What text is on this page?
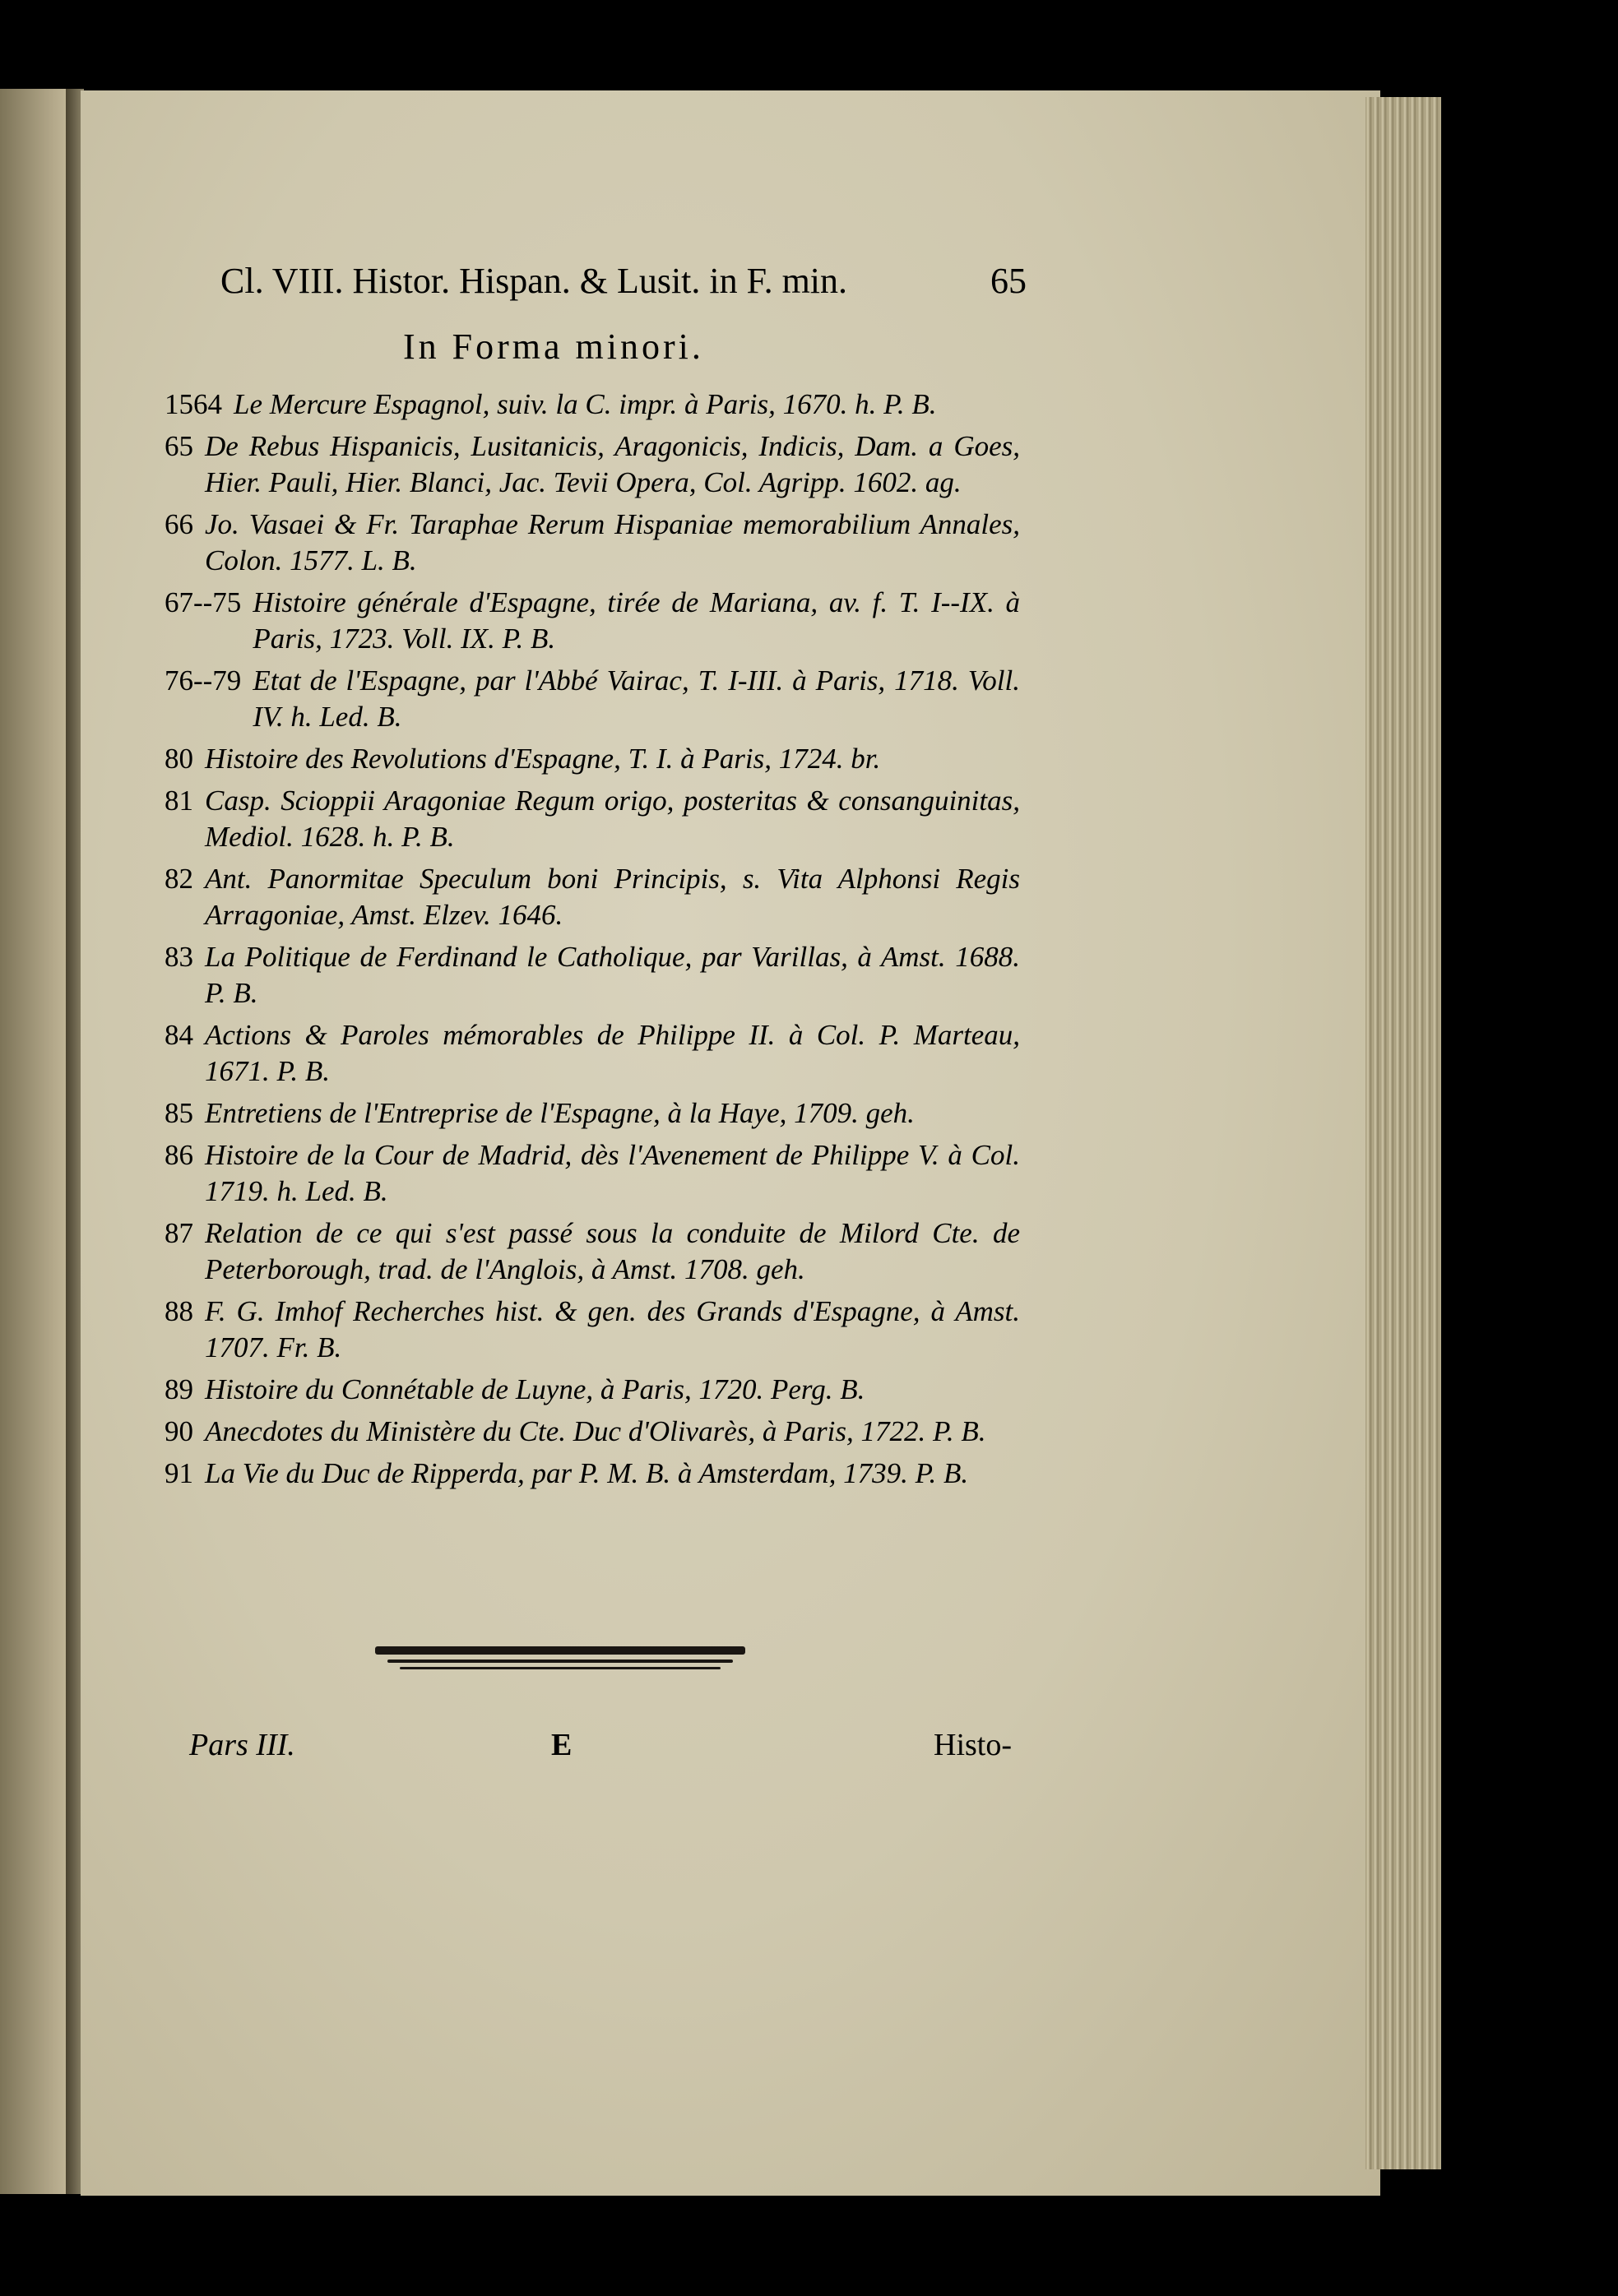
Cl. VIII. Histor. Hispan. & Lusit. in F. min.	65
In Forma minori.
1564 Le Mercure Espagnol, suiv. la C. impr. à Paris, 1670. h. P. B.
65 De Rebus Hispanicis, Lusitanicis, Aragonicis, Indicis, Dam. a Goes, Hier. Pauli, Hier. Blanci, Jac. Tevii Opera, Col. Agripp. 1602. ag.
66 Jo. Vasaei & Fr. Taraphae Rerum Hispaniae memorabilium Annales, Colon. 1577. L. B.
67--75 Histoire générale d'Espagne, tirée de Mariana, av. f. T. I--IX. à Paris, 1723. Voll. IX. P. B.
76--79 Etat de l'Espagne, par l'Abbé Vairac, T. I-III. à Paris, 1718. Voll. IV. h. Led. B.
80 Histoire des Revolutions d'Espagne, T. I. à Paris, 1724. br.
81 Casp. Scioppii Aragoniae Regum origo, posteritas & consanguinitas, Mediol. 1628. h. P. B.
82 Ant. Panormitae Speculum boni Principis, s. Vita Alphonsi Regis Arragoniae, Amst. Elzev. 1646.
83 La Politique de Ferdinand le Catholique, par Varillas, à Amst. 1688. P. B.
84 Actions & Paroles mémorables de Philippe II. à Col. P. Marteau, 1671. P. B.
85 Entretiens de l'Entreprise de l'Espagne, à la Haye, 1709. geh.
86 Histoire de la Cour de Madrid, dès l'Avenement de Philippe V. à Col. 1719. h. Led. B.
87 Relation de ce qui s'est passé sous la conduite de Milord Cte. de Peterborough, trad. de l'Anglois, à Amst. 1708. geh.
88 F. G. Imhof Recherches hist. & gen. des Grands d'Espagne, à Amst. 1707. Fr. B.
89 Histoire du Connétable de Luyne, à Paris, 1720. Perg. B.
90 Anecdotes du Ministère du Cte. Duc d'Olivarès, à Paris, 1722. P. B.
91 La Vie du Duc de Ripperda, par P. M. B. à Amsterdam, 1739. P. B.
Pars III.	E	Histo-
